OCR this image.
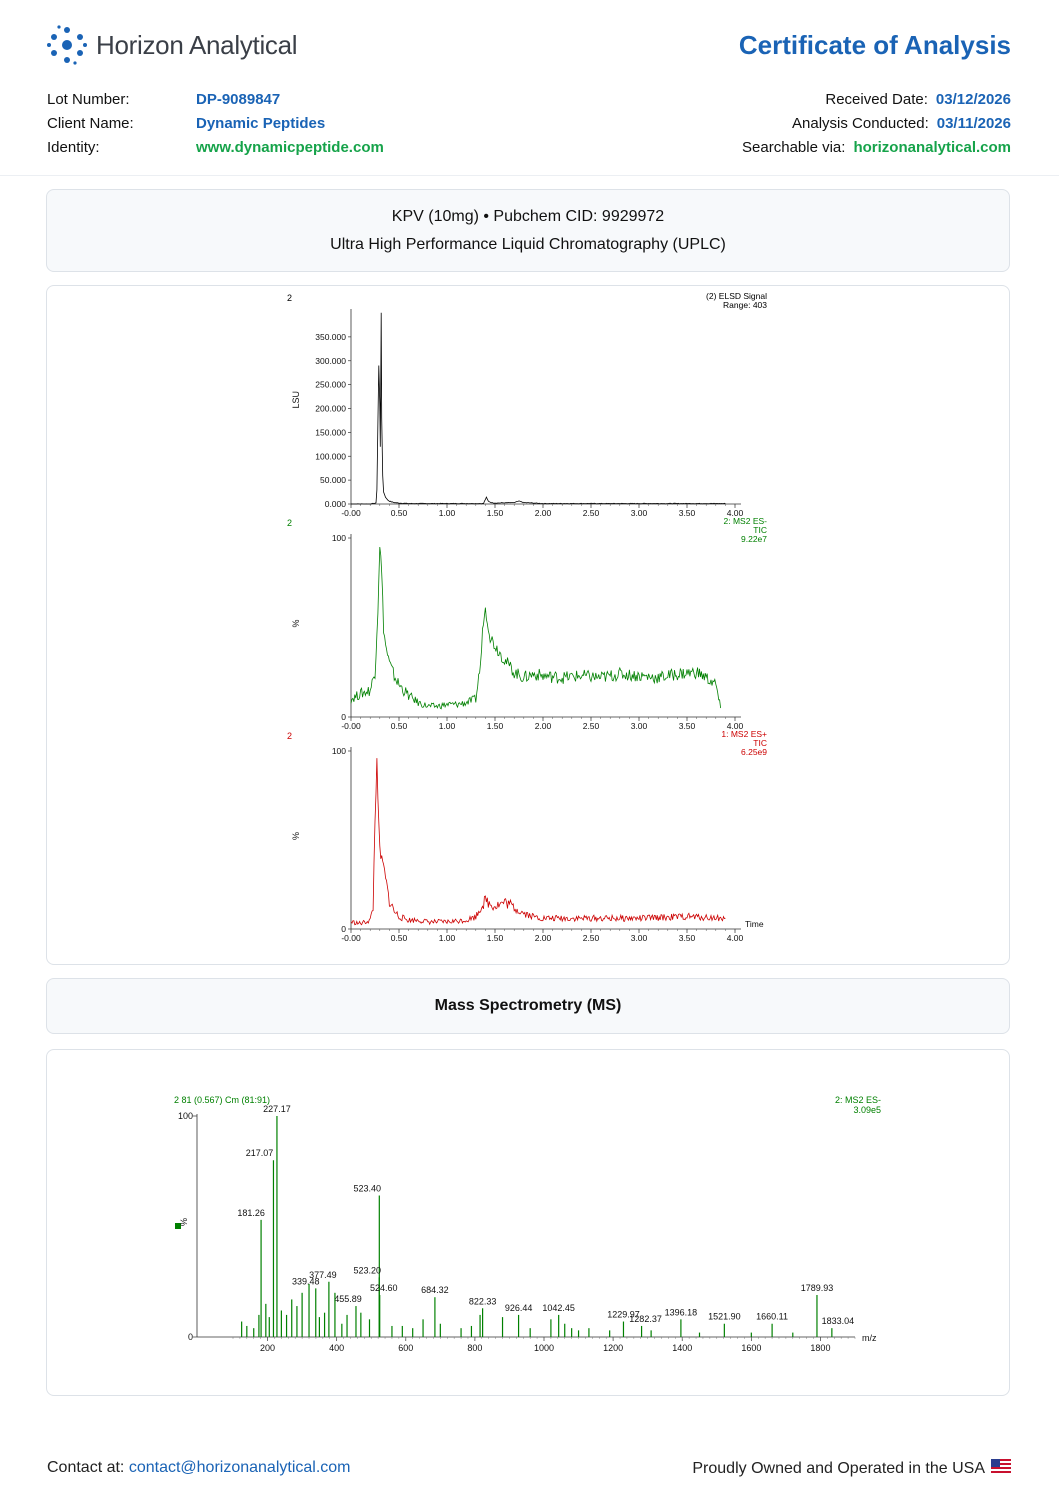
Horizon Analytical	Certificate of Analysis
Lot Number:	DP-9089847
Client Name:	Dynamic Peptides
Identity:	www.dynamicpeptide.com
Received Date: 03/12/2026
Analysis Conducted: 03/11/2026
Searchable via: horizonanalytical.com
KPV (10mg) • Pubchem CID: 9929972
Ultra High Performance Liquid Chromatography (UPLC)
2	(2) ELSD Signal
Range: 403
-0.00	0.50	1.00	1.50	2.00	2.50	3.00	3.50	4.00
0.000
50.000
100.000
150.000
200.000
250.000
300.000
350.000
LSU
2	2: MS2 ES-
TIC
9.22e7
-0.00	0.50	1.00	1.50	2.00	2.50	3.00	3.50	4.00
0
100
%
2	1: MS2 ES+
TIC
6.25e9
-0.00	0.50	1.00	1.50	2.00	2.50	3.00	3.50	4.00
0
100
%
Time
Mass Spectrometry (MS)
2 81 (0.567) Cm (81:91)	2: MS2 ES-
3.09e5
100
0
%
m/z
200	400	600	800	1000	1200	1400	1600	1800
227.17
217.07
181.26
523.40
339.48
377.49 523.20
455.89
524.60	684.32
822.33
926.44 1042.45
1229.97
1282.37
1396.18 1521.90 1660.11
1789.93
1833.04
Contact at: contact@horizonanalytical.com	Proudly Owned and Operated in the USA
